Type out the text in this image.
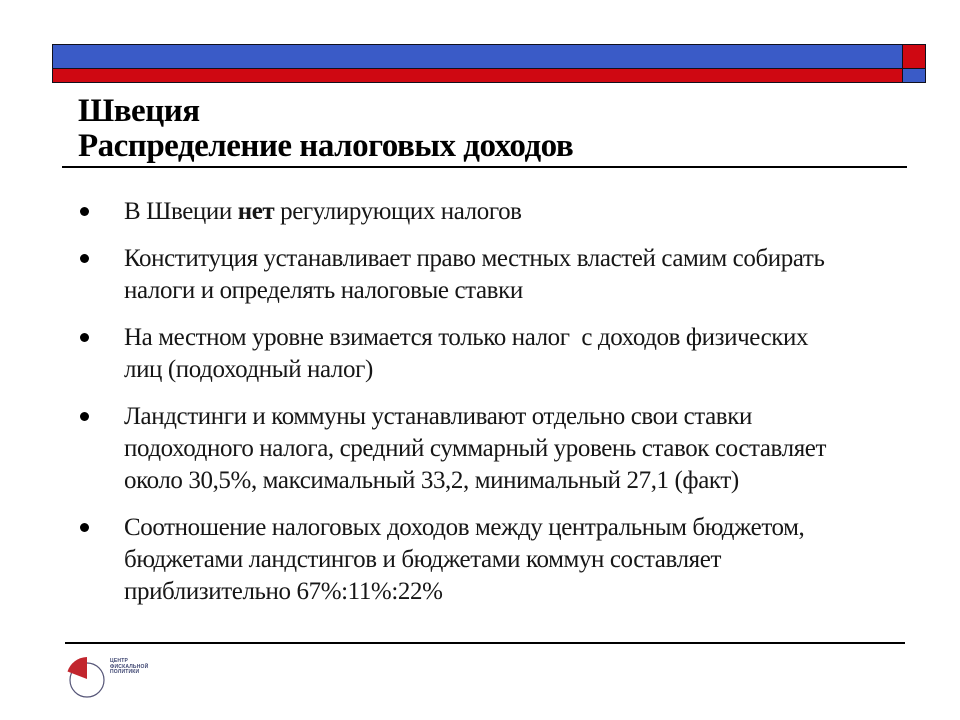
Швеция
Распределение налоговых доходов
В Швеции нет регулирующих налогов
Конституция устанавливает право местных властей самим собирать
налоги и определять налоговые ставки
На местном уровне взимается только налог  с доходов физических
лиц (подоходный налог)
Ландстинги и коммуны устанавливают отдельно свои ставки
подоходного налога, средний суммарный уровень ставок составляет
около 30,5%, максимальный 33,2, минимальный 27,1 (факт)
Соотношение налоговых доходов между центральным бюджетом,
бюджетами ландстингов и бюджетами коммун составляет
приблизительно 67%:11%:22%
ЦЕНТР
ФИСКАЛЬНОЙ
ПОЛИТИКИ
